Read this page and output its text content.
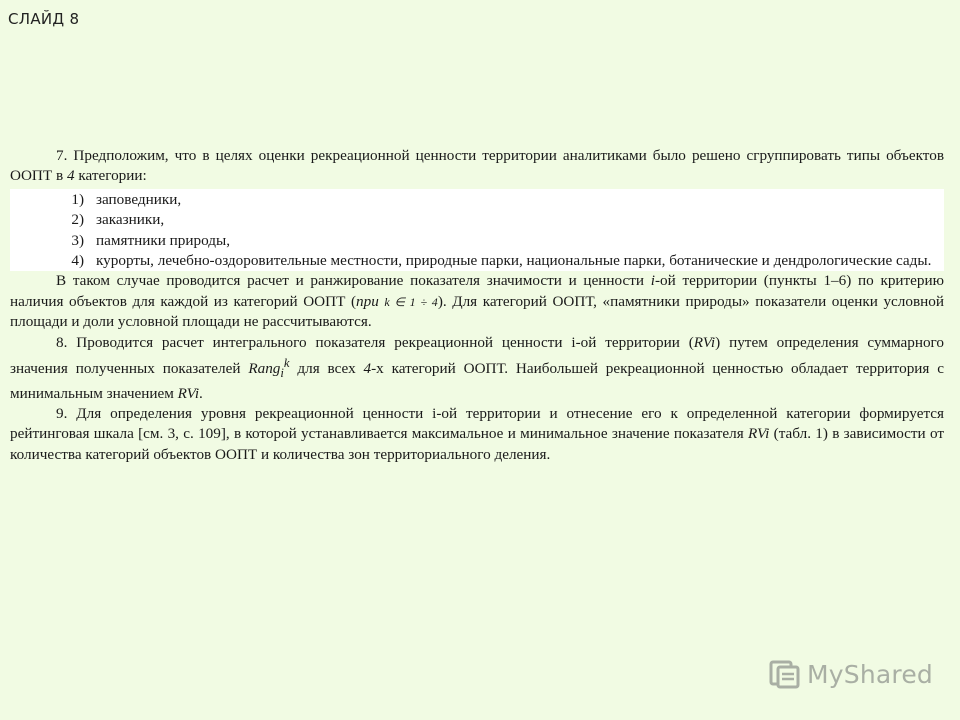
СЛАЙД 8

7. Предположим, что в целях оценки рекреационной ценности территории аналитиками было решено сгруппировать типы объектов ООПТ в 4 категории:

1) заповедники,
2) заказники,
3) памятники природы,

4) курорты, лечебно-оздоровительные местности, природные парки, национальные парки, ботанические и дендрологические сады.

В таком случае проводится расчет и ранжирование показателя значимости и ценности i-ой территории (пункты 1–6) по критерию наличия объектов для каждой из категорий ООПТ (при k ∈ 1 ÷ 4). Для категорий ООПТ, «памятники природы» показатели оценки условной площади и доли условной площади не рассчитываются.

8. Проводится расчет интегрального показателя рекреационной ценности i-ой территории (RVi) путем определения суммарного значения полученных показателей Rang$_i^k$ для всех 4-х категорий ООПТ. Наибольшей рекреационной ценностью обладает территория с минимальным значением RVi.

9. Для определения уровня рекреационной ценности i-ой территории и отнесение его к определенной категории формируется рейтинговая шкала [см. 3, с. 109], в которой устанавливается максимальное и минимальное значение показателя RVi (табл. 1) в зависимости от количества категорий объектов ООПТ и количества зон территориального деления.

MyShared
